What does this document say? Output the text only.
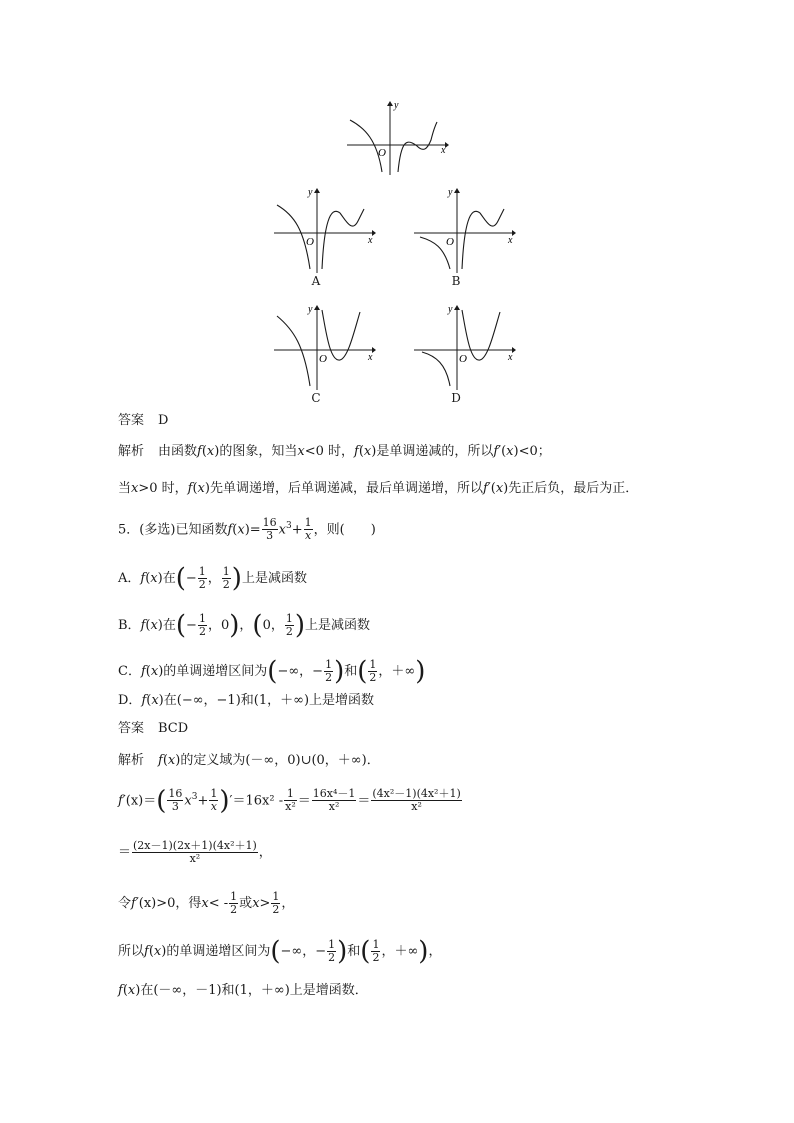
x
y
O
x
y
O
A
x
y
O
B
x
y
O
C
x
y
O
D
答案 D
解析 由函数f(x)的图象，知当x<0 时，f(x)是单调递减的，所以f′(x)<0；
当x>0 时，f(x)先单调递增，后单调递减，最后单调递增，所以f′(x)先正后负，最后为正．
5．(多选)已知函数$f(x)= \frac{16}{3} x^3+ \frac{1}{x}$ ，则(　　)
A．f(x)在(− $\frac{1}{2}$ ， $\frac{1}{2}$ )上是减函数
B．f(x)在(− $\frac{1}{2}$ ，0)，(0， $\frac{1}{2}$ )上是减函数
C．f(x)的单调递增区间为(−∞，− $\frac{1}{2}$ )和( $\frac{1}{2}$ ，＋∞)
D．f(x)在(−∞，−1)和(1，＋∞)上是增函数
答案 BCD
解析 f(x)的定义域为(－∞，0)∪(0，＋∞)．
$f'(x)=( \frac{16}{3} x^3+ \frac{1}{x} )'=16x^2 - \frac{1}{\text{x²}} = \frac{\text{16x⁴－1}}{\text{x²}} = \frac{\text{(4x²－1)(4x²＋1)}}{\text{x²}}$
＝ $\frac{\text{(2x－1)(2x＋1)(4x²＋1)}}{\text{x²}}$ ，
令f′(x)>0，得$x< - \frac{1}{2}$ 或$x> \frac{1}{2}$ ，
所以f(x)的单调递增区间为(−∞，− $\frac{1}{2}$ )和( $\frac{1}{2}$ ，＋∞)，
f(x)在(－∞，－1)和(1，＋∞)上是增函数．
